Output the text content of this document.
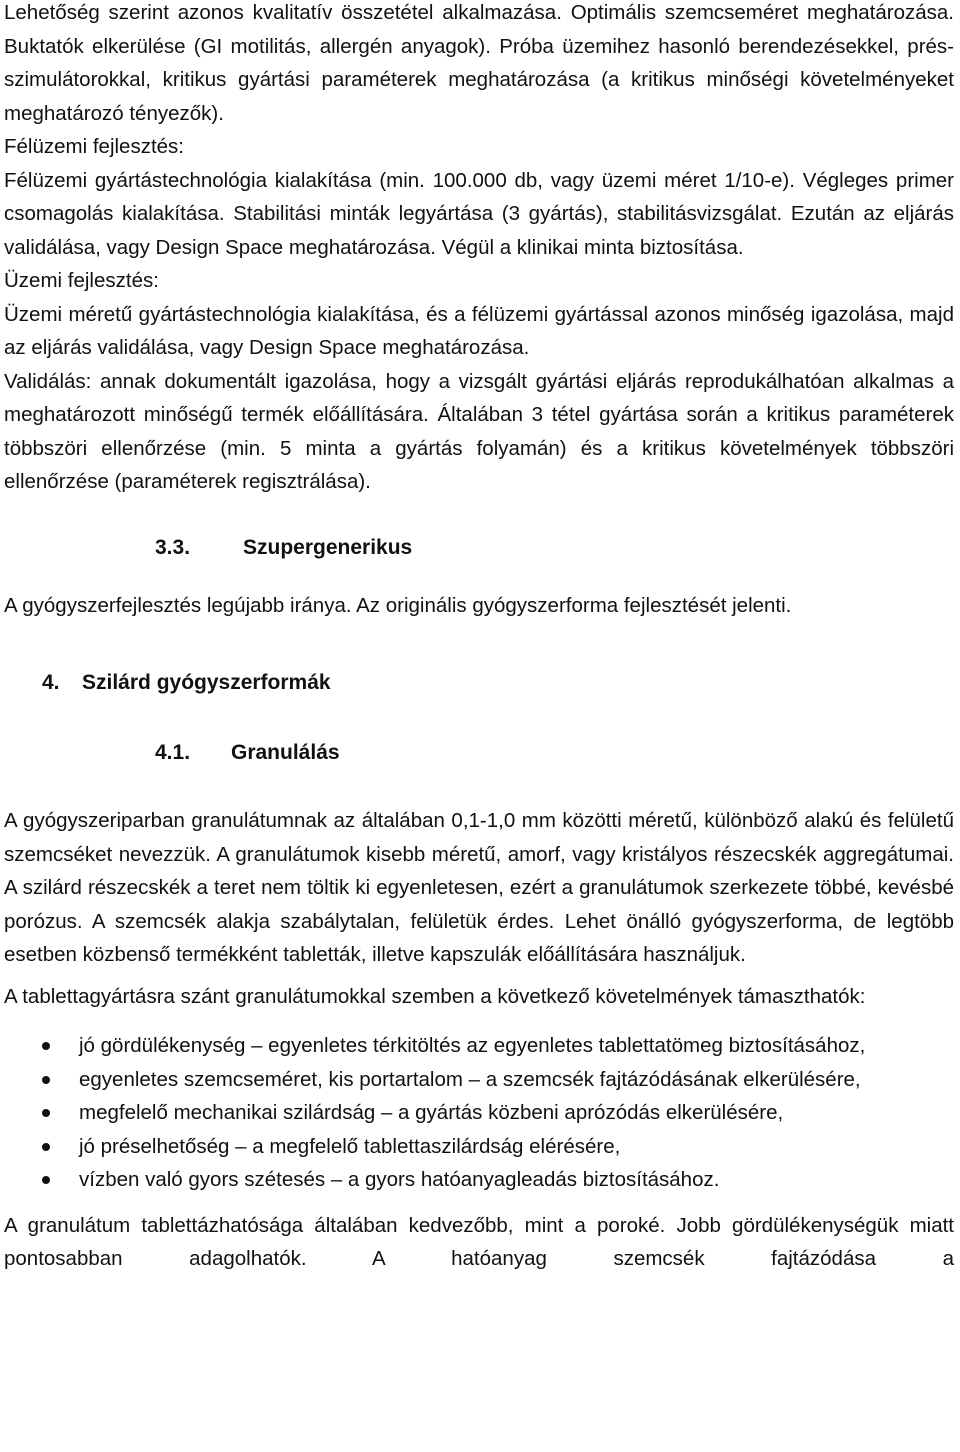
Lehetőség szerint azonos kvalitatív összetétel alkalmazása. Optimális szemcseméret meghatározása. Buktatók elkerülése (GI motilitás, allergén anyagok). Próba üzemihez hasonló berendezésekkel, prés-szimulátorokkal, kritikus gyártási paraméterek meghatározása (a kritikus minőségi követelményeket meghatározó tényezők).

Félüzemi fejlesztés:

Félüzemi gyártástechnológia kialakítása (min. 100.000 db, vagy üzemi méret 1/10-e). Végleges primer csomagolás kialakítása. Stabilitási minták legyártása (3 gyártás), stabilitásvizsgálat. Ezután az eljárás validálása, vagy Design Space meghatározása. Végül a klinikai minta biztosítása.

Üzemi fejlesztés:

Üzemi méretű gyártástechnológia kialakítása, és a félüzemi gyártással azonos minőség igazolása, majd az eljárás validálása, vagy Design Space meghatározása.

Validálás: annak dokumentált igazolása, hogy a vizsgált gyártási eljárás reprodukálhatóan alkalmas a meghatározott minőségű termék előállítására. Általában 3 tétel gyártása során a kritikus paraméterek többszöri ellenőrzése (min. 5 minta a gyártás folyamán) és a kritikus követelmények többszöri ellenőrzése (paraméterek regisztrálása).

3.3.	Szupergenerikus

A gyógyszerfejlesztés legújabb iránya. Az originális gyógyszerforma fejlesztését jelenti.

4.	Szilárd gyógyszerformák
4.1.	Granulálás

A gyógyszeriparban granulátumnak az általában 0,1-1,0 mm közötti méretű, különböző alakú és felületű szemcséket nevezzük. A granulátumok kisebb méretű, amorf, vagy kristályos részecskék aggregátumai. A szilárd részecskék a teret nem töltik ki egyenletesen, ezért a granulátumok szerkezete többé, kevésbé porózus. A szemcsék alakja szabálytalan, felületük érdes. Lehet önálló gyógyszerforma, de legtöbb esetben közbenső termékként tabletták, illetve kapszulák előállítására használjuk.

A tablettagyártásra szánt granulátumokkal szemben a következő követelmények támaszthatók:

jó gördülékenység – egyenletes térkitöltés az egyenletes tablettatömeg biztosításához,
egyenletes szemcseméret, kis portartalom – a szemcsék fajtázódásának elkerülésére,
megfelelő mechanikai szilárdság – a gyártás közbeni aprózódás elkerülésére,
jó préselhetőség – a megfelelő tablettaszilárdság elérésére,
vízben való gyors szétesés – a gyors hatóanyagleadás biztosításához.

A granulátum tablettázhatósága általában kedvezőbb, mint a poroké. Jobb gördülékenységük miatt pontosabban adagolhatók. A hatóanyag szemcsék fajtázódása a
